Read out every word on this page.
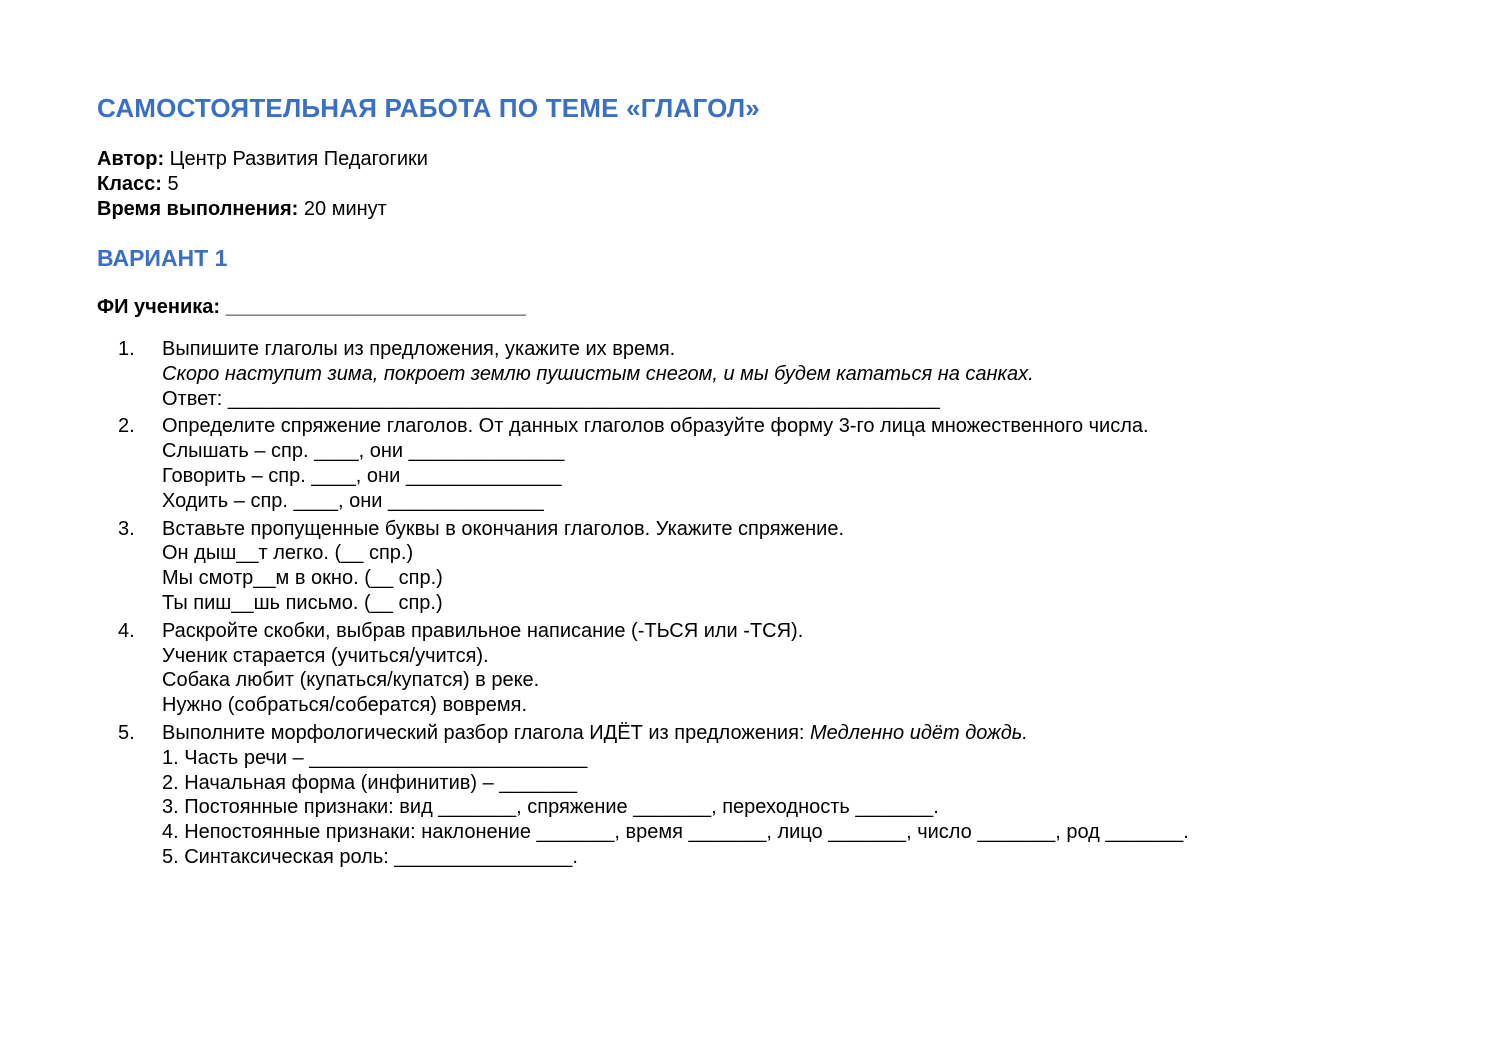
САМОСТОЯТЕЛЬНАЯ РАБОТА ПО ТЕМЕ «ГЛАГОЛ»
Автор: Центр Развития Педагогики
Класс: 5
Время выполнения: 20 минут
ВАРИАНТ 1
ФИ ученика: ___________________________
1. Выпишите глаголы из предложения, укажите их время.
Скоро наступит зима, покроет землю пушистым снегом, и мы будем кататься на санках.
Ответ: ________________________________________________________________
2. Определите спряжение глаголов. От данных глаголов образуйте форму 3-го лица множественного числа.
Слышать – спр. ____, они ______________
Говорить – спр. ____, они ______________
Ходить – спр. ____, они ______________
3. Вставьте пропущенные буквы в окончания глаголов. Укажите спряжение.
Он дыш__т легко. (__ спр.)
Мы смотр__м в окно. (__ спр.)
Ты пиш__шь письмо. (__ спр.)
4. Раскройте скобки, выбрав правильное написание (-ТЬСЯ или -ТСЯ).
Ученик старается (учиться/учится).
Собака любит (купаться/купатся) в реке.
Нужно (собраться/собератся) вовремя.
5. Выполните морфологический разбор глагола ИДЁТ из предложения: Медленно идёт дождь.
1. Часть речи – _________________________
2. Начальная форма (инфинитив) – _______
3. Постоянные признаки: вид _______, спряжение _______, переходность _______.
4. Непостоянные признаки: наклонение _______, время _______, лицо _______, число _______, род _______.
5. Синтаксическая роль: ________________.
